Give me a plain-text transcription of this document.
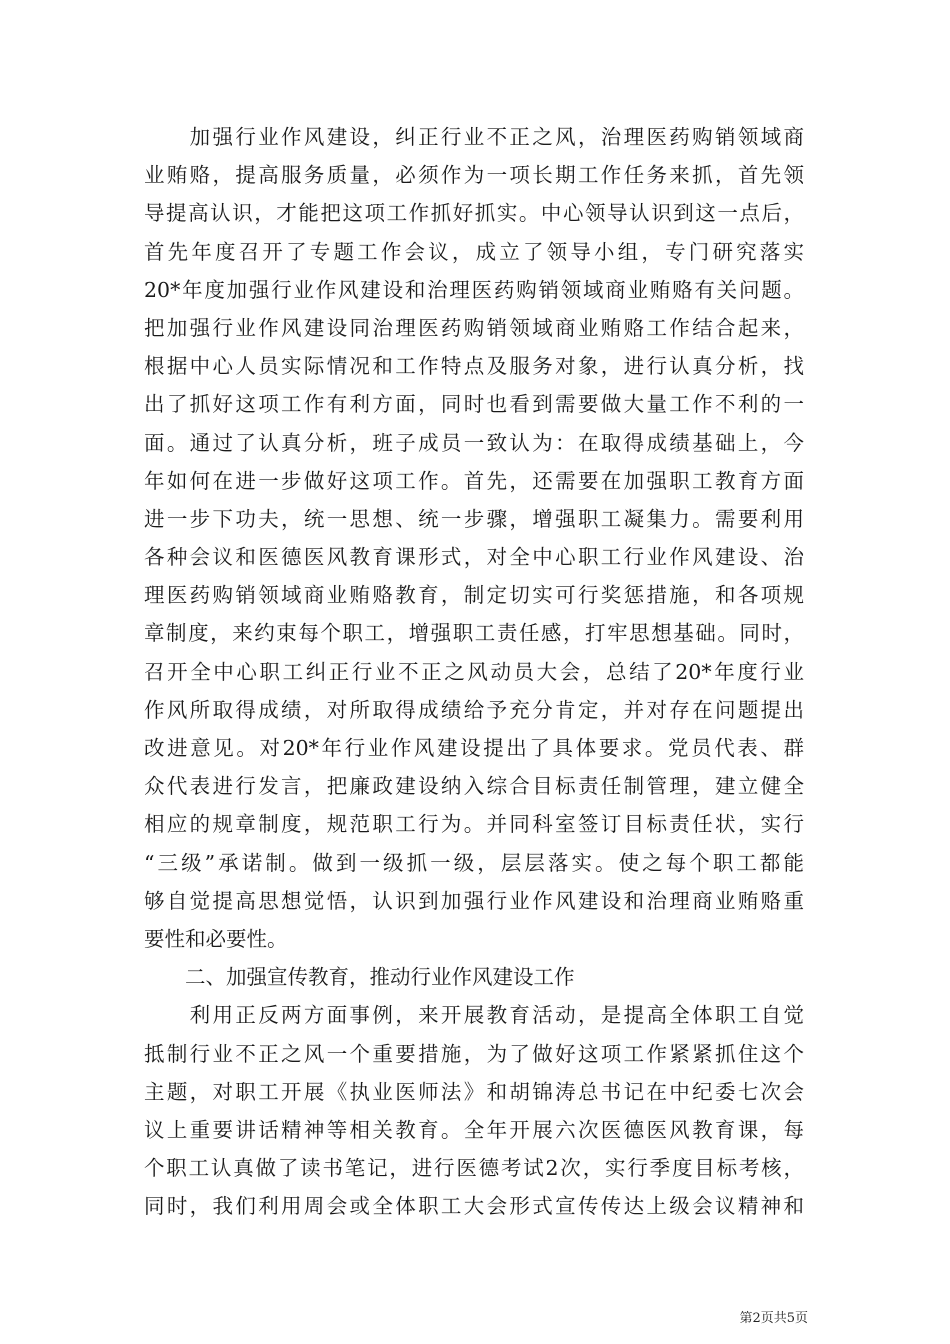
　　加强行业作风建设，纠正行业不正之风，治理医药购销领域商
业贿赂，提高服务质量，必须作为一项长期工作任务来抓，首先领
导提高认识，才能把这项工作抓好抓实。中心领导认识到这一点后，
首先年度召开了专题工作会议，成立了领导小组，专门研究落实
20*年度加强行业作风建设和治理医药购销领域商业贿赂有关问题。
把加强行业作风建设同治理医药购销领域商业贿赂工作结合起来，
根据中心人员实际情况和工作特点及服务对象，进行认真分析，找
出了抓好这项工作有利方面，同时也看到需要做大量工作不利的一
面。通过了认真分析，班子成员一致认为：在取得成绩基础上，今
年如何在进一步做好这项工作。首先，还需要在加强职工教育方面
进一步下功夫，统一思想、统一步骤，增强职工凝集力。需要利用
各种会议和医德医风教育课形式，对全中心职工行业作风建设、治
理医药购销领域商业贿赂教育，制定切实可行奖惩措施，和各项规
章制度，来约束每个职工，增强职工责任感，打牢思想基础。同时，
召开全中心职工纠正行业不正之风动员大会，总结了20*年度行业
作风所取得成绩，对所取得成绩给予充分肯定，并对存在问题提出
改进意见。对20*年行业作风建设提出了具体要求。党员代表、群
众代表进行发言，把廉政建设纳入综合目标责任制管理，建立健全
相应的规章制度，规范职工行为。并同科室签订目标责任状，实行
“三级”承诺制。做到一级抓一级，层层落实。使之每个职工都能
够自觉提高思想觉悟，认识到加强行业作风建设和治理商业贿赂重
要性和必要性。
　　二、加强宣传教育，推动行业作风建设工作
　　利用正反两方面事例，来开展教育活动，是提高全体职工自觉
抵制行业不正之风一个重要措施，为了做好这项工作紧紧抓住这个
主题，对职工开展《执业医师法》和胡锦涛总书记在中纪委七次会
议上重要讲话精神等相关教育。全年开展六次医德医风教育课，每
个职工认真做了读书笔记，进行医德考试2次，实行季度目标考核，
同时，我们利用周会或全体职工大会形式宣传传达上级会议精神和
第2页共5页
